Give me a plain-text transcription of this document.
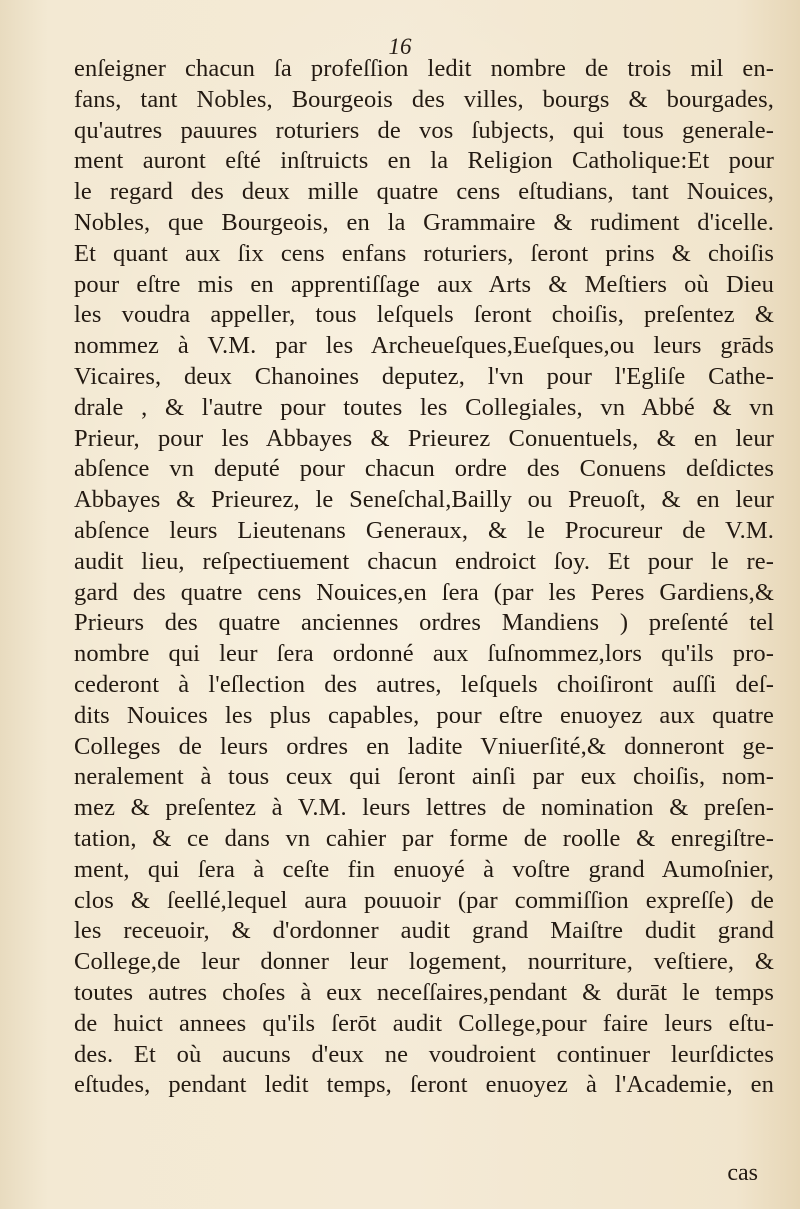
16
enſeigner chacun ſa profeſſion ledit nombre de trois mil en-
fans, tant Nobles, Bourgeois des villes, bourgs & bourgades,
qu'autres pauures roturiers de vos ſubjects, qui tous generale-
ment auront eſté inſtruicts en la Religion Catholique:Et pour
le regard des deux mille quatre cens eſtudians, tant Nouices,
Nobles, que Bourgeois, en la Grammaire & rudiment d'icelle.
Et quant aux ſix cens enfans roturiers, ſeront prins & choiſis
pour eſtre mis en apprentiſſage aux Arts & Meſtiers où Dieu
les voudra appeller, tous leſquels ſeront choiſis, preſentez &
nommez à V.M. par les Archeueſques,Eueſques,ou leurs grāds
Vicaires, deux Chanoines deputez, l'vn pour l'Egliſe Cathe-
drale , & l'autre pour toutes les Collegiales, vn Abbé & vn
Prieur, pour les Abbayes & Prieurez Conuentuels, & en leur
abſence vn deputé pour chacun ordre des Conuens deſdictes
Abbayes & Prieurez, le Seneſchal,Bailly ou Preuoſt, & en leur
abſence leurs Lieutenans Generaux, & le Procureur de V.M.
audit lieu, reſpectiuement chacun endroict ſoy. Et pour le re-
gard des quatre cens Nouices,en ſera (par les Peres Gardiens,&
Prieurs des quatre anciennes ordres Mandiens ) preſenté tel
nombre qui leur ſera ordonné aux ſuſnommez,lors qu'ils pro-
cederont à l'eſlection des autres, leſquels choiſiront auſſi deſ-
dits Nouices les plus capables, pour eſtre enuoyez aux quatre
Colleges de leurs ordres en ladite Vniuerſité,& donneront ge-
neralement à tous ceux qui ſeront ainſi par eux choiſis, nom-
mez & preſentez à V.M. leurs lettres de nomination & preſen-
tation, & ce dans vn cahier par forme de roolle & enregiſtre-
ment, qui ſera à ceſte fin enuoyé à voſtre grand Aumoſnier,
clos & ſeellé,lequel aura pouuoir (par commiſſion expreſſe) de
les receuoir, & d'ordonner audit grand Maiſtre dudit grand
College,de leur donner leur logement, nourriture, veſtiere, &
toutes autres choſes à eux neceſſaires,pendant & durāt le temps
de huict annees qu'ils ſerōt audit College,pour faire leurs eſtu-
des. Et où aucuns d'eux ne voudroient continuer leurſdictes
eſtudes, pendant ledit temps, ſeront enuoyez à l'Academie, en
cas
